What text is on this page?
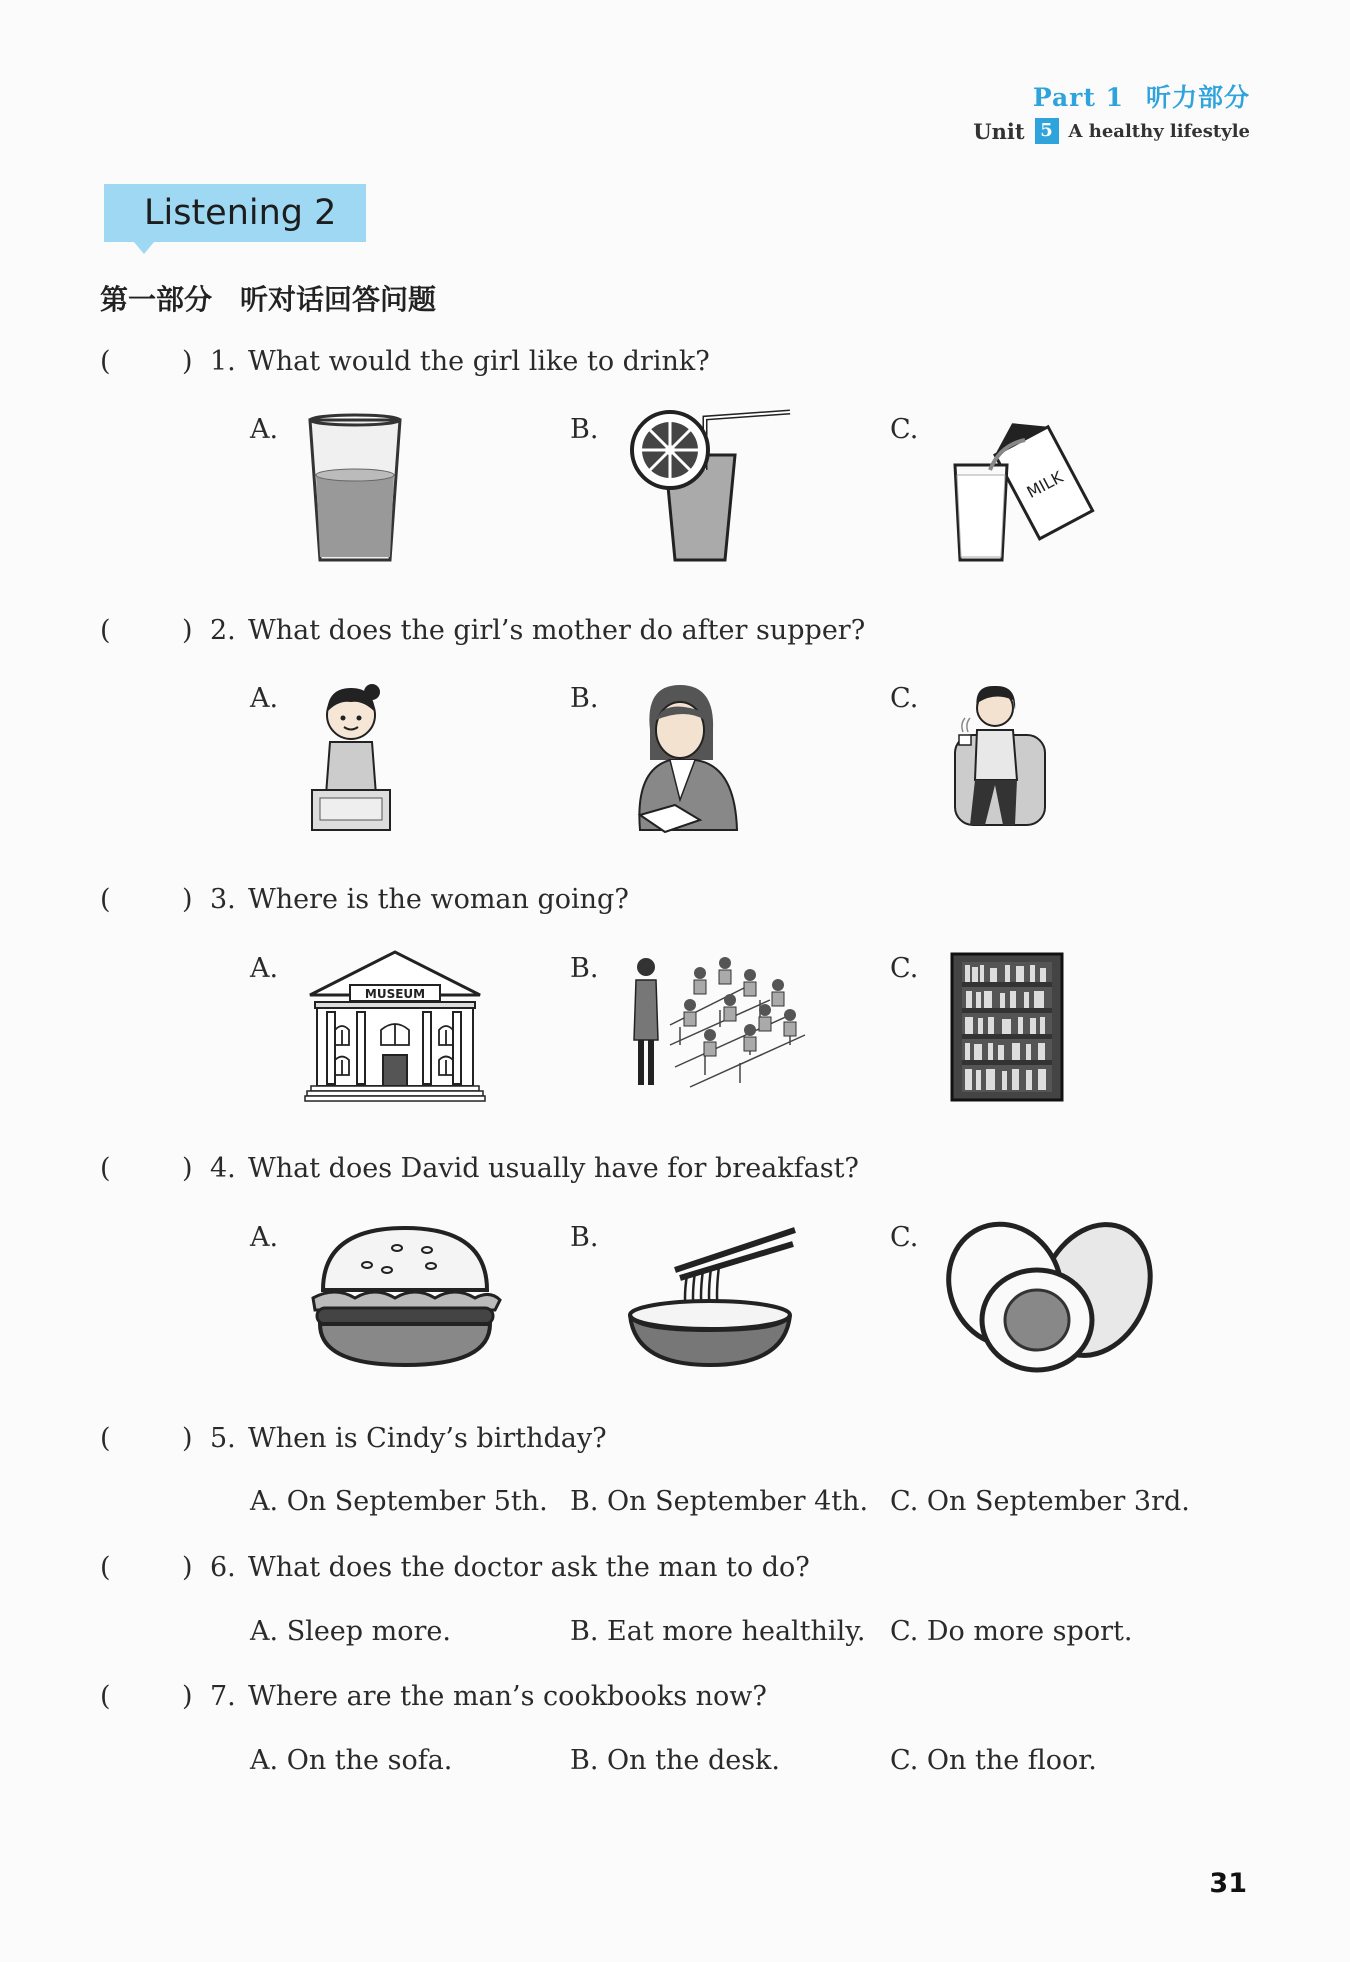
Part 1 听力部分
Unit 5 A healthy lifestyle
Listening 2
第一部分　听对话回答问题
(	) 1. What would the girl like to drink?
A.	B.	C.
MILK
(	) 2. What does the girl’s mother do after supper?
A.	B.	C.
(	) 3. Where is the woman going?
A.	B.	C.
MUSEUM
(	) 4. What does David usually have for breakfast?
A.	B.	C.
(	) 5. When is Cindy’s birthday?
A. On September 5th. B. On September 4th. C. On September 3rd.
(	) 6. What does the doctor ask the man to do?
A. Sleep more.	B. Eat more healthily. C. Do more sport.
(	) 7. Where are the man’s cookbooks now?
A. On the sofa.	B. On the desk.	C. On the floor.
31
